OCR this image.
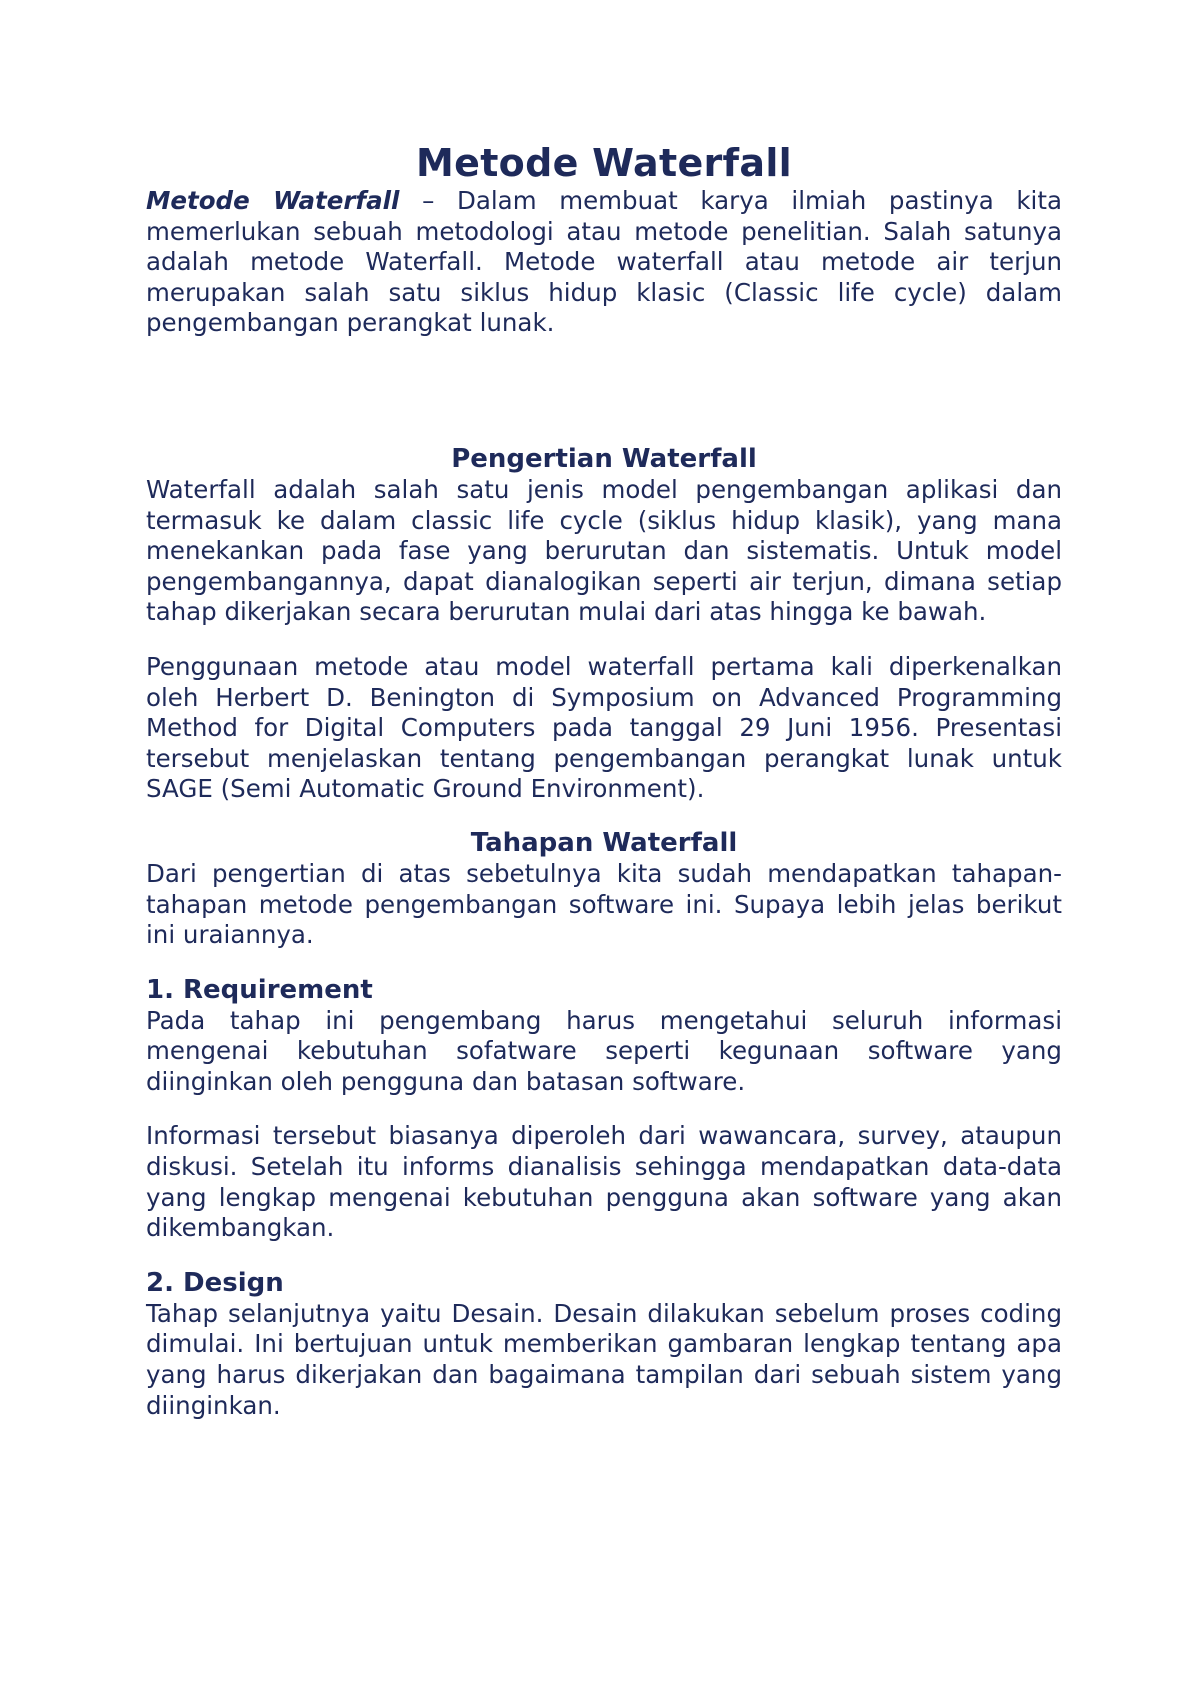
Metode Waterfall

Metode Waterfall – Dalam membuat karya ilmiah pastinya kita memerlukan sebuah metodologi atau metode penelitian. Salah satunya adalah metode Waterfall. Metode waterfall atau metode air terjun merupakan salah satu siklus hidup klasic (Classic life cycle) dalam pengembangan perangkat lunak.

Pengertian Waterfall

Waterfall adalah salah satu jenis model pengembangan aplikasi dan termasuk ke dalam classic life cycle (siklus hidup klasik), yang mana menekankan pada fase yang berurutan dan sistematis. Untuk model pengembangannya, dapat dianalogikan seperti air terjun, dimana setiap tahap dikerjakan secara berurutan mulai dari atas hingga ke bawah.

Penggunaan metode atau model waterfall pertama kali diperkenalkan oleh Herbert D. Benington di Symposium on Advanced Programming Method for Digital Computers pada tanggal 29 Juni 1956. Presentasi tersebut menjelaskan tentang pengembangan perangkat lunak untuk SAGE (Semi Automatic Ground Environment).

Tahapan Waterfall

Dari pengertian di atas sebetulnya kita sudah mendapatkan tahapan-tahapan metode pengembangan software ini. Supaya lebih jelas berikut ini uraiannya.

1. Requirement

Pada tahap ini pengembang harus mengetahui seluruh informasi mengenai kebutuhan sofatware seperti kegunaan software yang diinginkan oleh pengguna dan batasan software.

Informasi tersebut biasanya diperoleh dari wawancara, survey, ataupun diskusi. Setelah itu informs dianalisis sehingga mendapatkan data-data yang lengkap mengenai kebutuhan pengguna akan software yang akan dikembangkan.

2. Design

Tahap selanjutnya yaitu Desain. Desain dilakukan sebelum proses coding dimulai. Ini bertujuan untuk memberikan gambaran lengkap tentang apa yang harus dikerjakan dan bagaimana tampilan dari sebuah sistem yang diinginkan.
